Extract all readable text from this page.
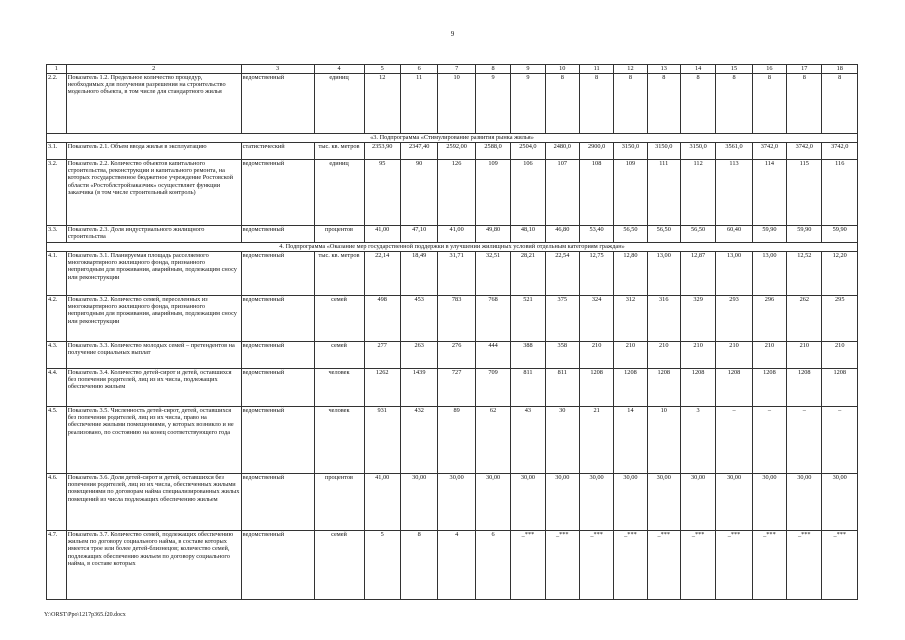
9
1	2	3	4	5	6	7	8	9	10	11	12	13	14	15	16	17	18
2.2.	Показатель 1.2. Предельное количество процедур, необходимых для получения разрешения на строительство модельного объекта, в том числе для стандартного жилья	ведомственный	единиц	12	11	10	9	9	8	8	8	8	8	8	8	8	8
«3. Подпрограмма «Стимулирование развития рынка жилья»																	
3.1.	Показатель 2.1. Объем ввода жилья в эксплуатацию	статистический	тыс. кв. метров	2353,90	2347,40	2592,00	2588,0	2504,0	2480,0	2900,0	3150,0	3150,0	3150,0	3561,0	3742,0	3742,0	3742,0
3.2.	Показатель 2.2. Количество объектов капитального строительства, реконструкции и капитального ремонта, на которых государственное бюджетное учреждение Ростовской области «Ростоблстройзаказчик» осуществляет функции заказчика (в том числе строительный контроль)	ведомственный	единиц	95	90	126	109	106	107	108	109	111	112	113	114	115	116
3.3.	Показатель 2.3. Доля индустриального жилищного строительства	ведомственный	процентов	41,00	47,10	41,00	49,80	48,10	46,80	53,40	56,50	56,50	56,50	60,40	59,90	59,90	59,90
4. Подпрограмма «Оказание мер государственной поддержки в улучшении жилищных условий отдельным категориям граждан»																	
4.1.	Показатель 3.1. Планируемая площадь расселяемого многоквартирного жилищного фонда, признанного непригодным для проживания, аварийным, подлежащим сносу или реконструкции	ведомственный	тыс. кв. метров	22,14	18,49	31,71	32,51	28,21	22,54	12,75	12,80	13,00	12,87	13,00	13,00	12,52	12,20
4.2.	Показатель 3.2. Количество семей, переселенных из многоквартирного жилищного фонда, признанного непригодным для проживания, аварийным, подлежащим сносу или реконструкции	ведомственный	семей	498	453	783	768	521	375	324	312	316	329	293	296	262	295
4.3.	Показатель 3.3. Количество молодых семей – претендентов на получение социальных выплат	ведомственный	семей	277	263	276	444	388	358	210	210	210	210	210	210	210	210
4.4.	Показатель 3.4. Количество детей-сирот и детей, оставшихся без попечения родителей, лиц из их числа, подлежащих обеспечению жильем	ведомственный	человек	1262	1439	727	709	811	811	1208	1208	1208	1208	1208	1208	1208	1208
4.5.	Показатель 3.5. Численность детей-сирот, детей, оставшихся без попечения родителей, лиц из их числа, право на обеспечение жилыми помещениями, у которых возникло и не реализовано, по состоянию на конец соответствующего года	ведомственный	человек	931	432	89	62	43	30	21	14	10	3	–	–	–	–
4.6.	Показатель 3.6. Доля детей-сирот и детей, оставшихся без попечения родителей, лиц из их числа, обеспеченных жилыми помещениями по договорам найма специализированных жилых помещений из числа подлежащих обеспечению жильем	ведомственный	процентов	41,00	30,00	30,00	30,00	30,00	30,00	30,00	30,00	30,00	30,00	30,00	30,00	30,00	30,00
4.7.	Показатель 3.7. Количество семей, подлежащих обеспечению жильем по договору социального найма, в составе которых имеется трое или более детей-близнецов; количество семей, подлежащих обеспечению жильем по договору социального найма, в составе которых	ведомственный	семей	5	8	4	6	_***	_***	_***	_***	_***	_***	_***	_***	_***	_***
Y:\ORST\Ppo\1217p365.f20.docx
